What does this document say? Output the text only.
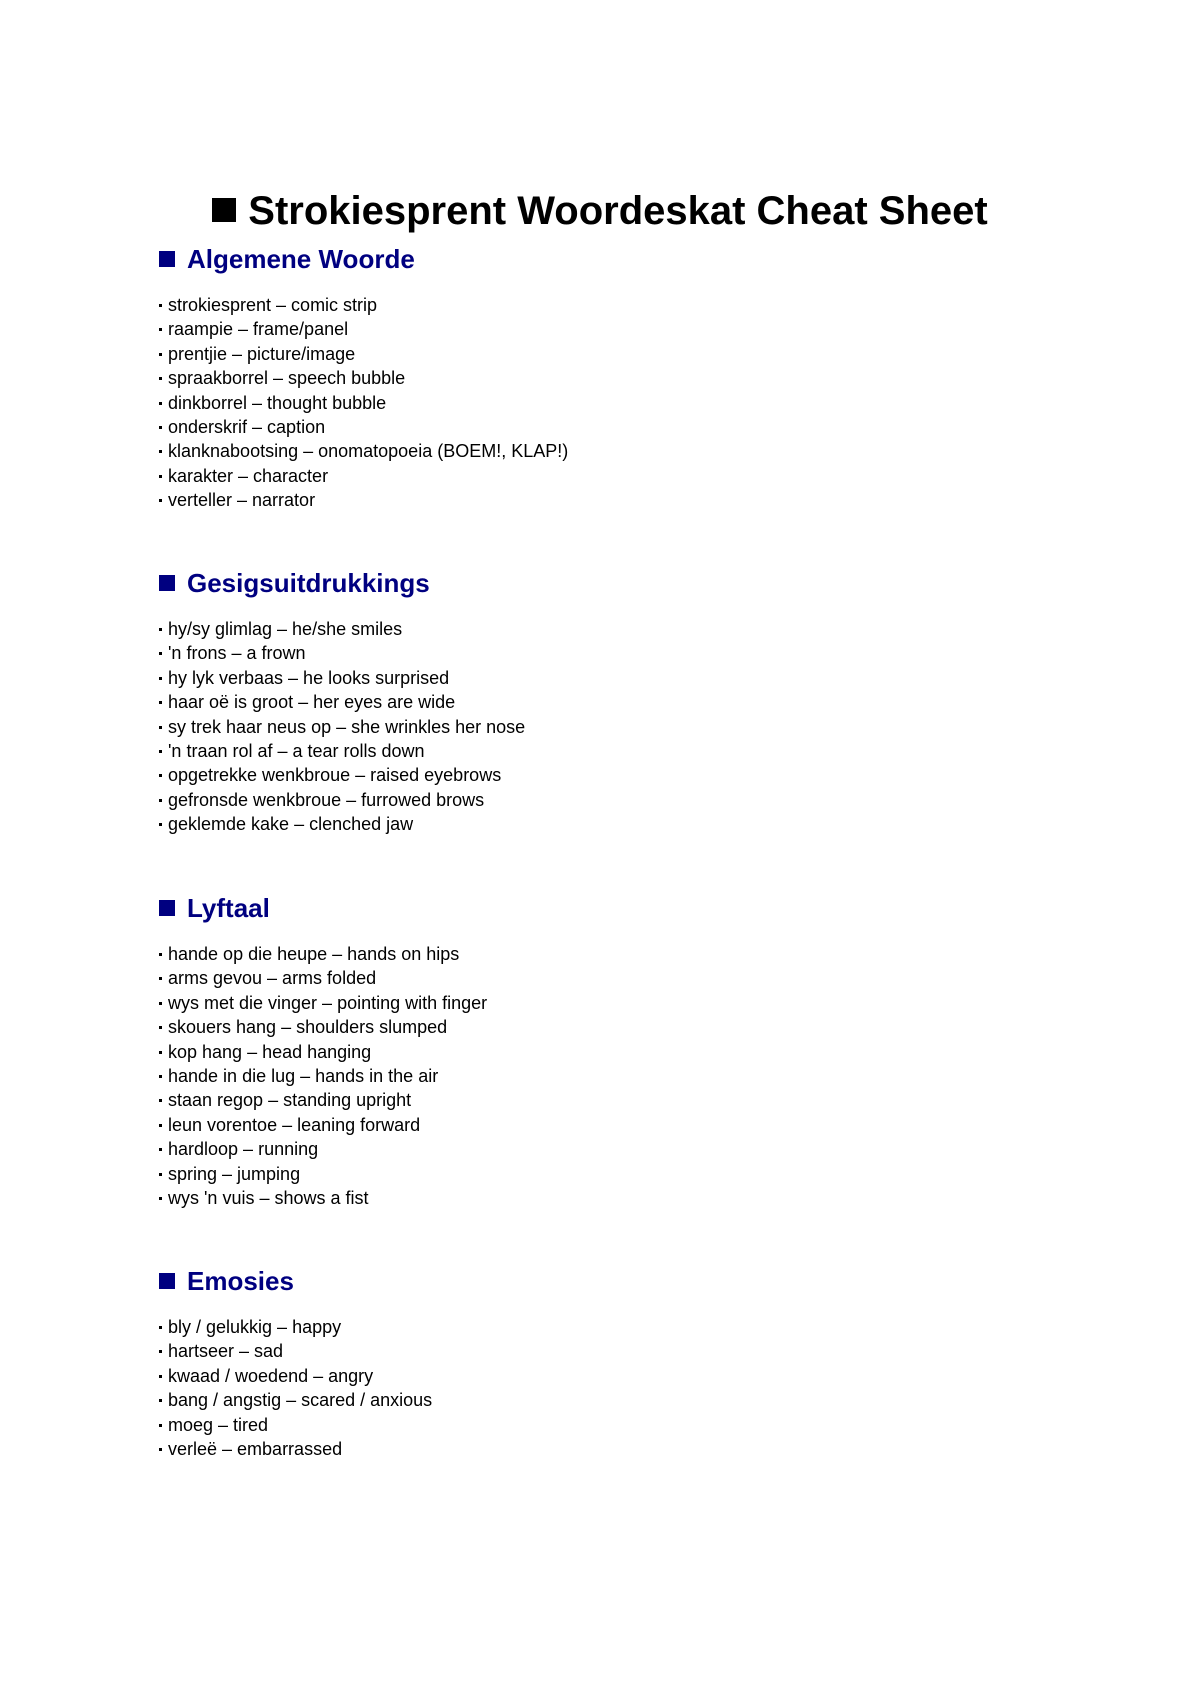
Strokiesprent Woordeskat Cheat Sheet
Algemene Woorde
strokiesprent – comic strip
raampie – frame/panel
prentjie – picture/image
spraakborrel – speech bubble
dinkborrel – thought bubble
onderskrif – caption
klanknabootsing – onomatopoeia (BOEM!, KLAP!)
karakter – character
verteller – narrator
Gesigsuitdrukkings
hy/sy glimlag – he/she smiles
'n frons – a frown
hy lyk verbaas – he looks surprised
haar oë is groot – her eyes are wide
sy trek haar neus op – she wrinkles her nose
'n traan rol af – a tear rolls down
opgetrekke wenkbroue – raised eyebrows
gefronsde wenkbroue – furrowed brows
geklemde kake – clenched jaw
Lyftaal
hande op die heupe – hands on hips
arms gevou – arms folded
wys met die vinger – pointing with finger
skouers hang – shoulders slumped
kop hang – head hanging
hande in die lug – hands in the air
staan regop – standing upright
leun vorentoe – leaning forward
hardloop – running
spring – jumping
wys 'n vuis – shows a fist
Emosies
bly / gelukkig – happy
hartseer – sad
kwaad / woedend – angry
bang / angstig – scared / anxious
moeg – tired
verleë – embarrassed
